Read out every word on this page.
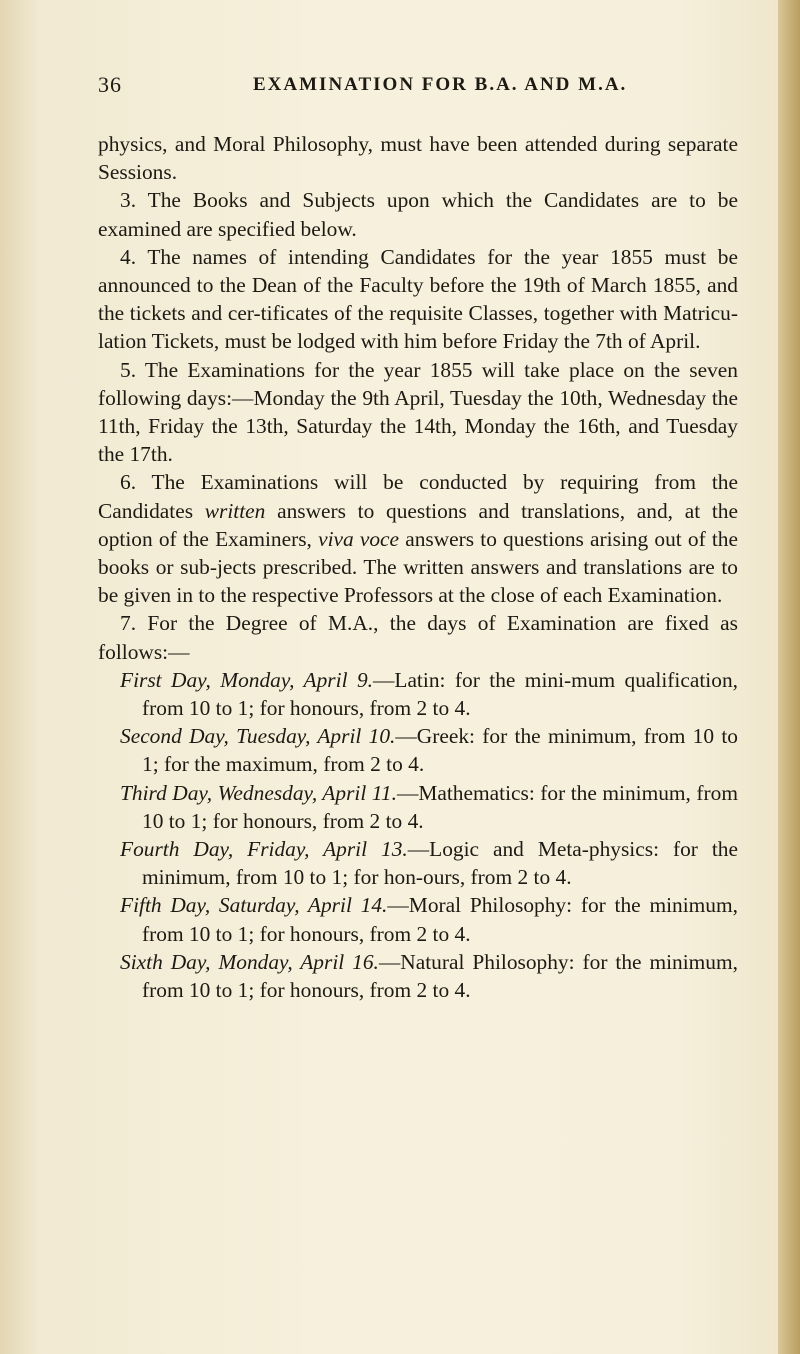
36	EXAMINATION FOR B.A. AND M.A.

physics, and Moral Philosophy, must have been attended during separate Sessions.

3. The Books and Subjects upon which the Candidates are to be examined are specified below.

4. The names of intending Candidates for the year 1855 must be announced to the Dean of the Faculty before the 19th of March 1855, and the tickets and cer-tificates of the requisite Classes, together with Matricu-lation Tickets, must be lodged with him before Friday the 7th of April.

5. The Examinations for the year 1855 will take place on the seven following days:—Monday the 9th April, Tuesday the 10th, Wednesday the 11th, Friday the 13th, Saturday the 14th, Monday the 16th, and Tuesday the 17th.

6. The Examinations will be conducted by requiring from the Candidates written answers to questions and translations, and, at the option of the Examiners, viva voce answers to questions arising out of the books or sub-jects prescribed. The written answers and translations are to be given in to the respective Professors at the close of each Examination.

7. For the Degree of M.A., the days of Examination are fixed as follows:—

First Day, Monday, April 9.—Latin: for the mini-mum qualification, from 10 to 1; for honours, from 2 to 4.

Second Day, Tuesday, April 10.—Greek: for the minimum, from 10 to 1; for the maximum, from 2 to 4.

Third Day, Wednesday, April 11.—Mathematics: for the minimum, from 10 to 1; for honours, from 2 to 4.

Fourth Day, Friday, April 13.—Logic and Meta-physics: for the minimum, from 10 to 1; for hon-ours, from 2 to 4.

Fifth Day, Saturday, April 14.—Moral Philosophy: for the minimum, from 10 to 1; for honours, from 2 to 4.

Sixth Day, Monday, April 16.—Natural Philosophy: for the minimum, from 10 to 1; for honours, from 2 to 4.
